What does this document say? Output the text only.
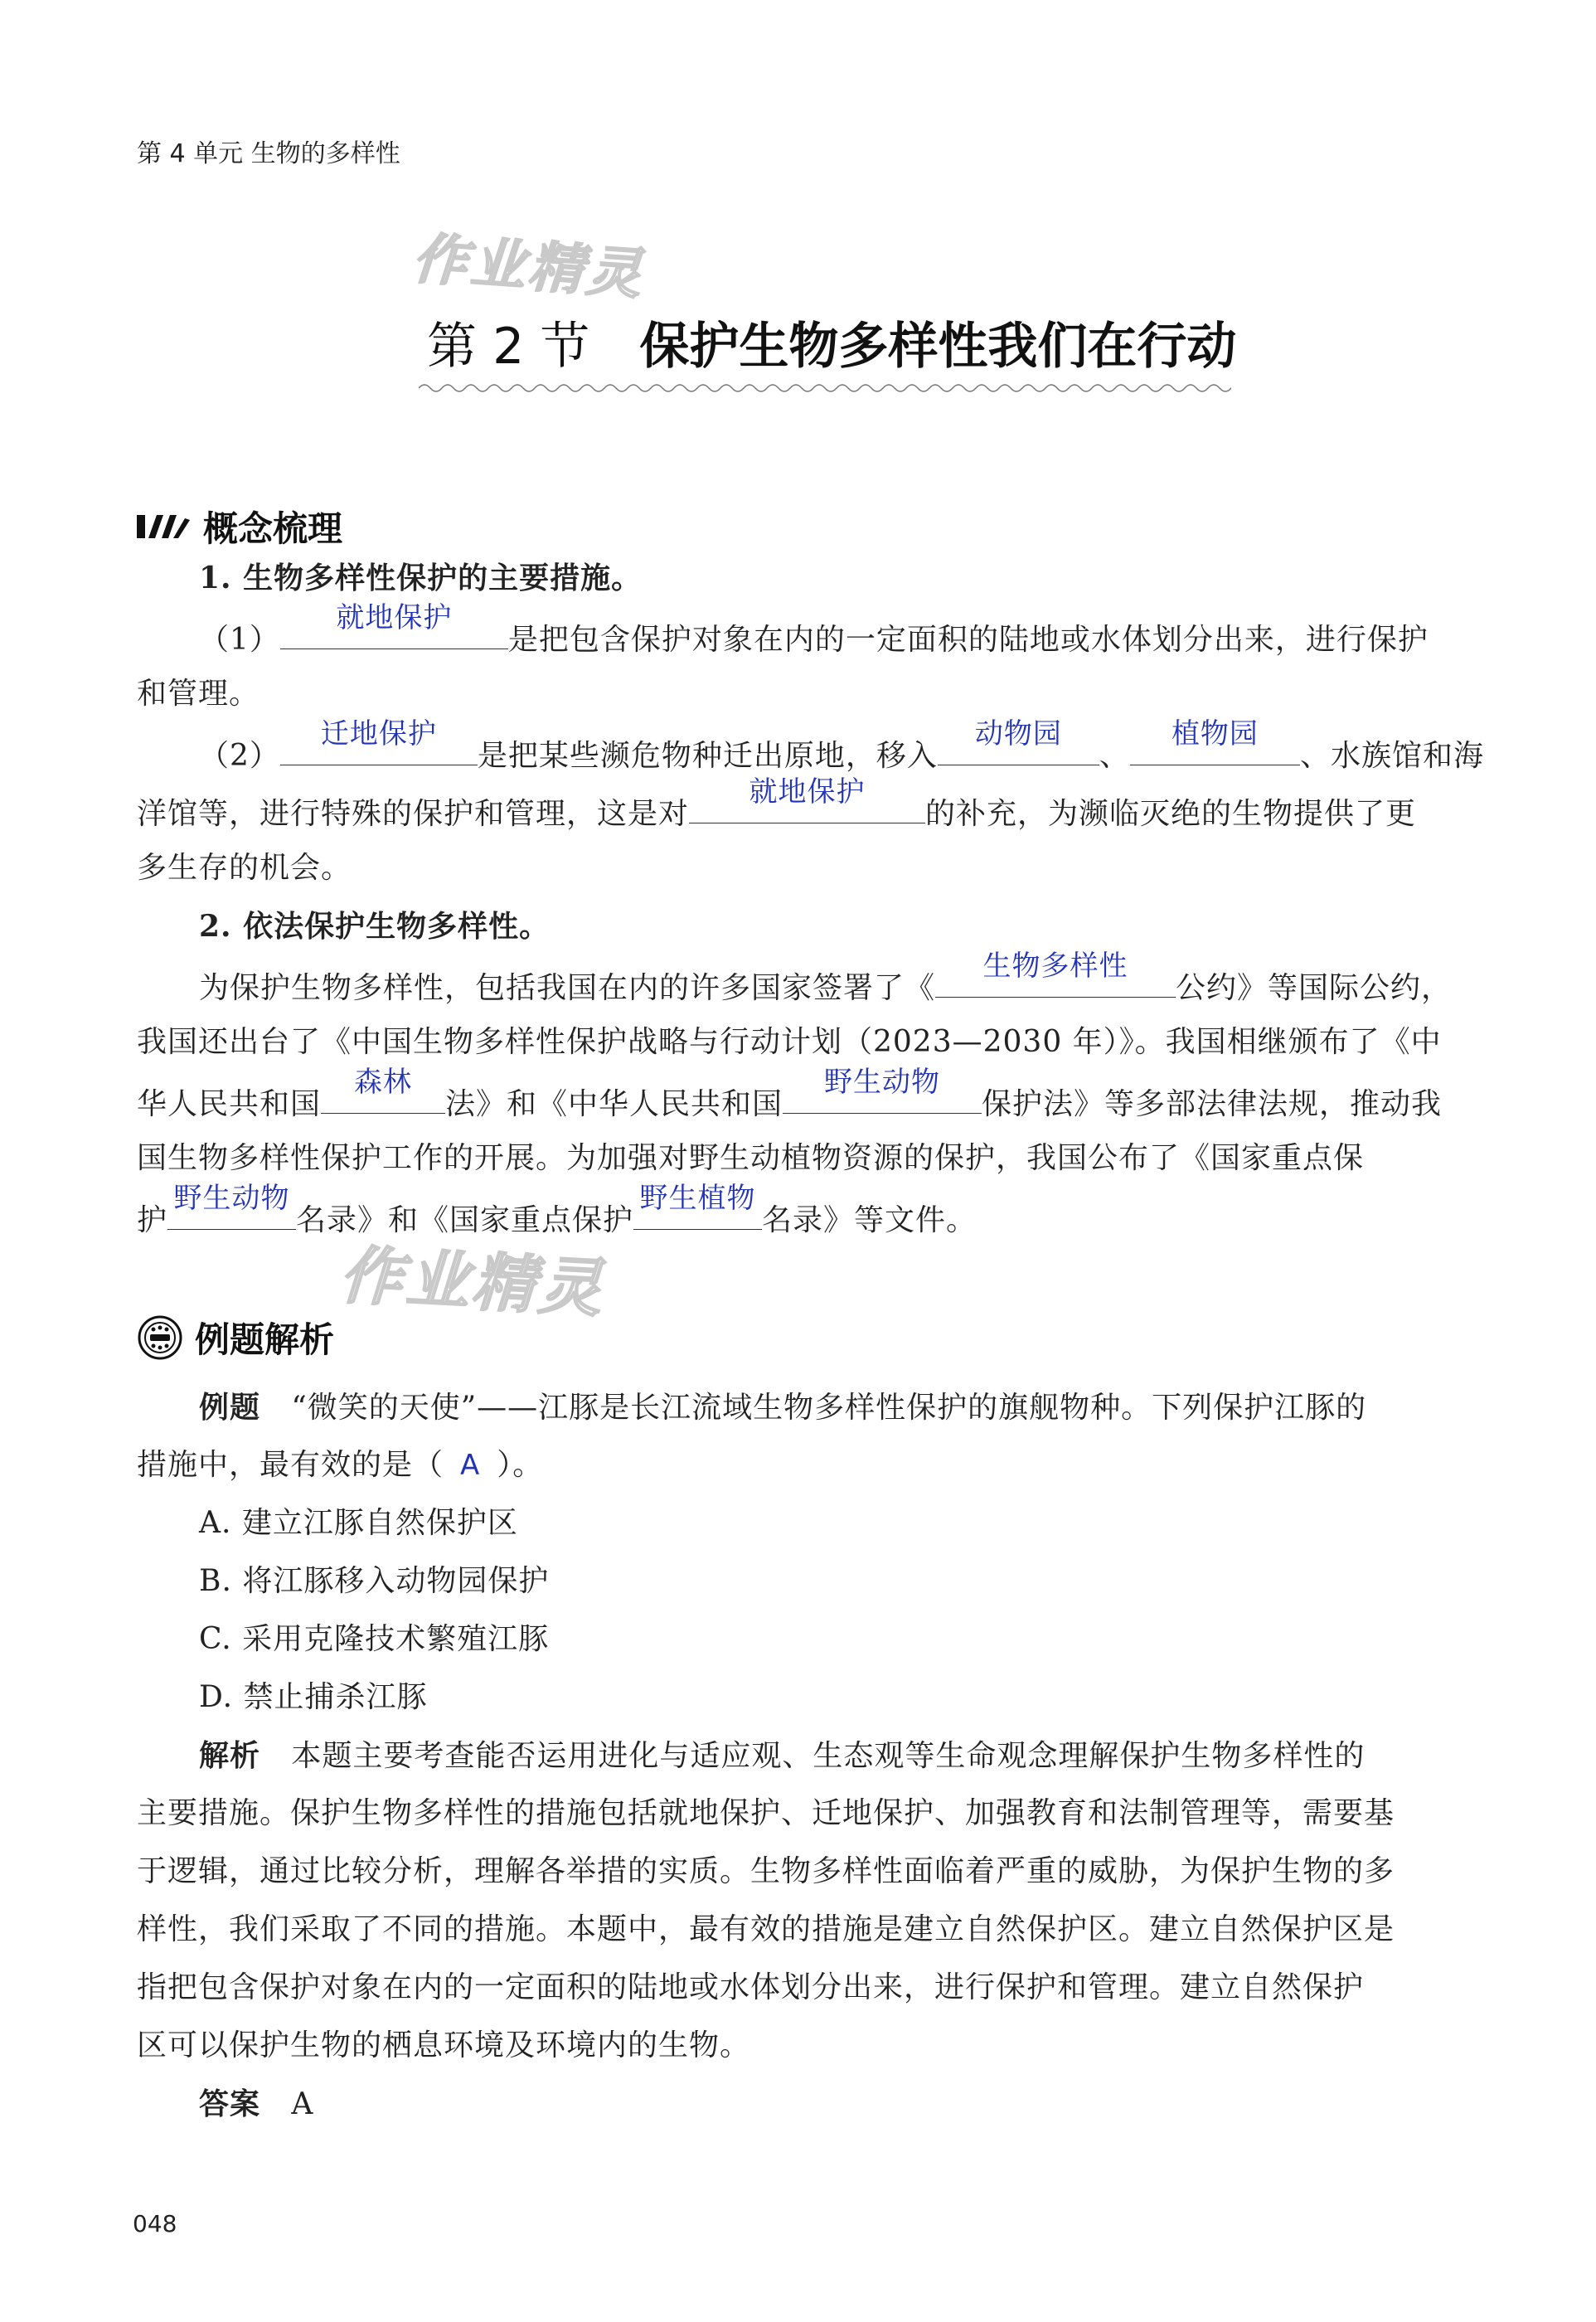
第 4 单元 生物的多样性
作业精灵
第 2 节 保护生物多样性我们在行动
概念梳理
1. 生物多样性保护的主要措施。
（1）
就地保护
是把包含保护对象在内的一定面积的陆地或水体划分出来，进行保护
和管理。
（2）
迁地保护
是把某些濒危物种迁出原地，移入
动物园
、
植物园
、水族馆和海
洋馆等，进行特殊的保护和管理，这是对
就地保护
的补充，为濒临灭绝的生物提供了更
多生存的机会。
2. 依法保护生物多样性。
为保护生物多样性，包括我国在内的许多国家签署了《
生物多样性
公约》等国际公约，
我国还出台了《中国生物多样性保护战略与行动计划（2023—2030 年）》。我国相继颁布了《中
华人民共和国
森林
法》和《中华人民共和国
野生动物
保护法》等多部法律法规，推动我
国生物多样性保护工作的开展。为加强对野生动植物资源的保护，我国公布了《国家重点保
护
野生动物
名录》和《国家重点保护
野生植物
名录》等文件。
作业精灵
例题解析
例题 “微笑的天使”——江豚是长江流域生物多样性保护的旗舰物种。下列保护江豚的
措施中，最有效的是（ A ）。
A. 建立江豚自然保护区
B. 将江豚移入动物园保护
C. 采用克隆技术繁殖江豚
D. 禁止捕杀江豚
解析 本题主要考查能否运用进化与适应观、生态观等生命观念理解保护生物多样性的
主要措施。保护生物多样性的措施包括就地保护、迁地保护、加强教育和法制管理等，需要基
于逻辑，通过比较分析，理解各举措的实质。生物多样性面临着严重的威胁，为保护生物的多
样性，我们采取了不同的措施。本题中，最有效的措施是建立自然保护区。建立自然保护区是
指把包含保护对象在内的一定面积的陆地或水体划分出来，进行保护和管理。建立自然保护
区可以保护生物的栖息环境及环境内的生物。
答案 A
048
